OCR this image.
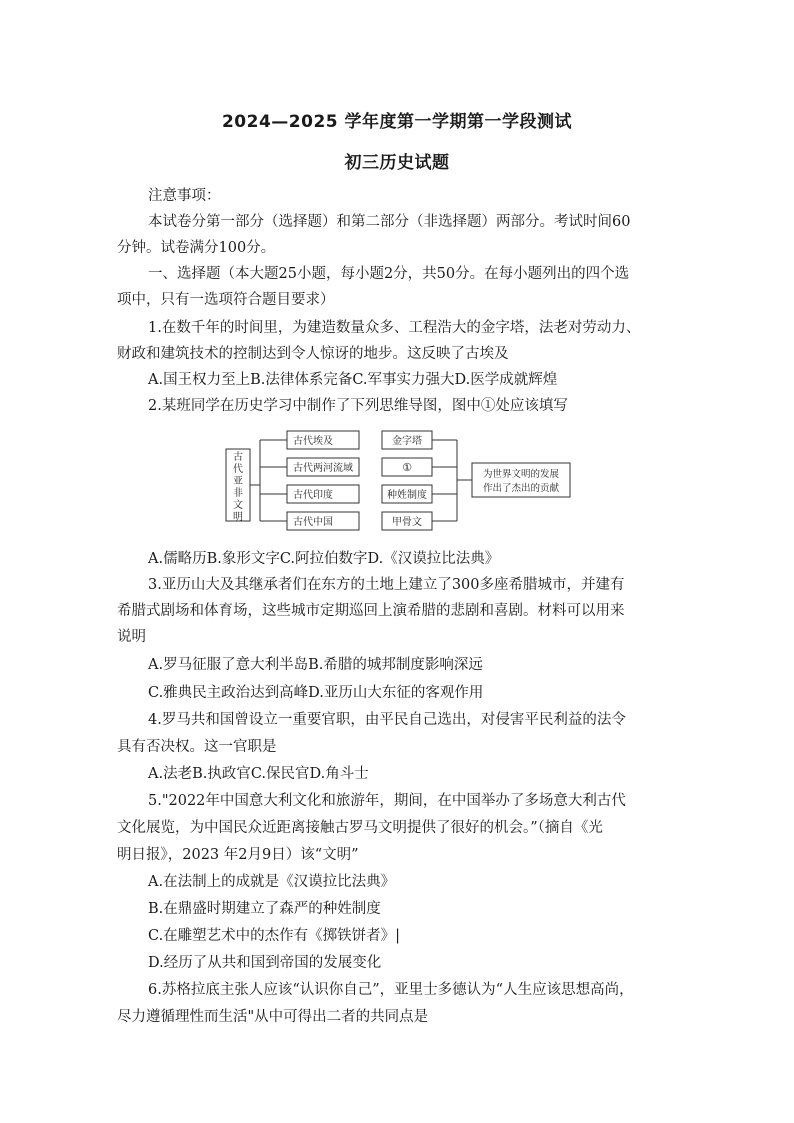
2024—2025 学年度第一学期第一学段测试
初三历史试题
注意事项：
本试卷分第一部分（选择题）和第二部分（非选择题）两部分。考试时间60
分钟。试卷满分100分。
一、选择题（本大题25小题，每小题2分，共50分。在每小题列出的四个选
项中，只有一选项符合题目要求）
1.在数千年的时间里，为建造数量众多、工程浩大的金字塔，法老对劳动力、
财政和建筑技术的控制达到令人惊讶的地步。这反映了古埃及
A.国王权力至上B.法律体系完备C.军事实力强大D.医学成就辉煌
2.某班同学在历史学习中制作了下列思维导图，图中①处应该填写
古
代
亚
非
文
明
古代埃及
古代两河流域
古代印度
古代中国
金字塔
①
种姓制度
甲骨文
为世界文明的发展
作出了杰出的贡献
A.儒略历B.象形文字C.阿拉伯数字D.《汉谟拉比法典》
3.亚历山大及其继承者们在东方的土地上建立了300多座希腊城市，并建有
希腊式剧场和体育场，这些城市定期巡回上演希腊的悲剧和喜剧。材料可以用来
说明
A.罗马征服了意大利半岛B.希腊的城邦制度影响深远
C.雅典民主政治达到高峰D.亚历山大东征的客观作用
4.罗马共和国曾设立一重要官职，由平民自己选出，对侵害平民利益的法令
具有否决权。这一官职是
A.法老B.执政官C.保民官D.角斗士
5."2022年中国意大利文化和旅游年，期间，在中国举办了多场意大利古代
文化展览，为中国民众近距离接触古罗马文明提供了很好的机会。”（摘自《光
明日报》，2023 年2月9日）该“文明”
A.在法制上的成就是《汉谟拉比法典》
B.在鼎盛时期建立了森严的种姓制度
C.在雕塑艺术中的杰作有《掷铁饼者》|
D.经历了从共和国到帝国的发展变化
6.苏格拉底主张人应该“认识你自己”，亚里士多德认为“人生应该思想高尚，
尽力遵循理性而生活"从中可得出二者的共同点是
